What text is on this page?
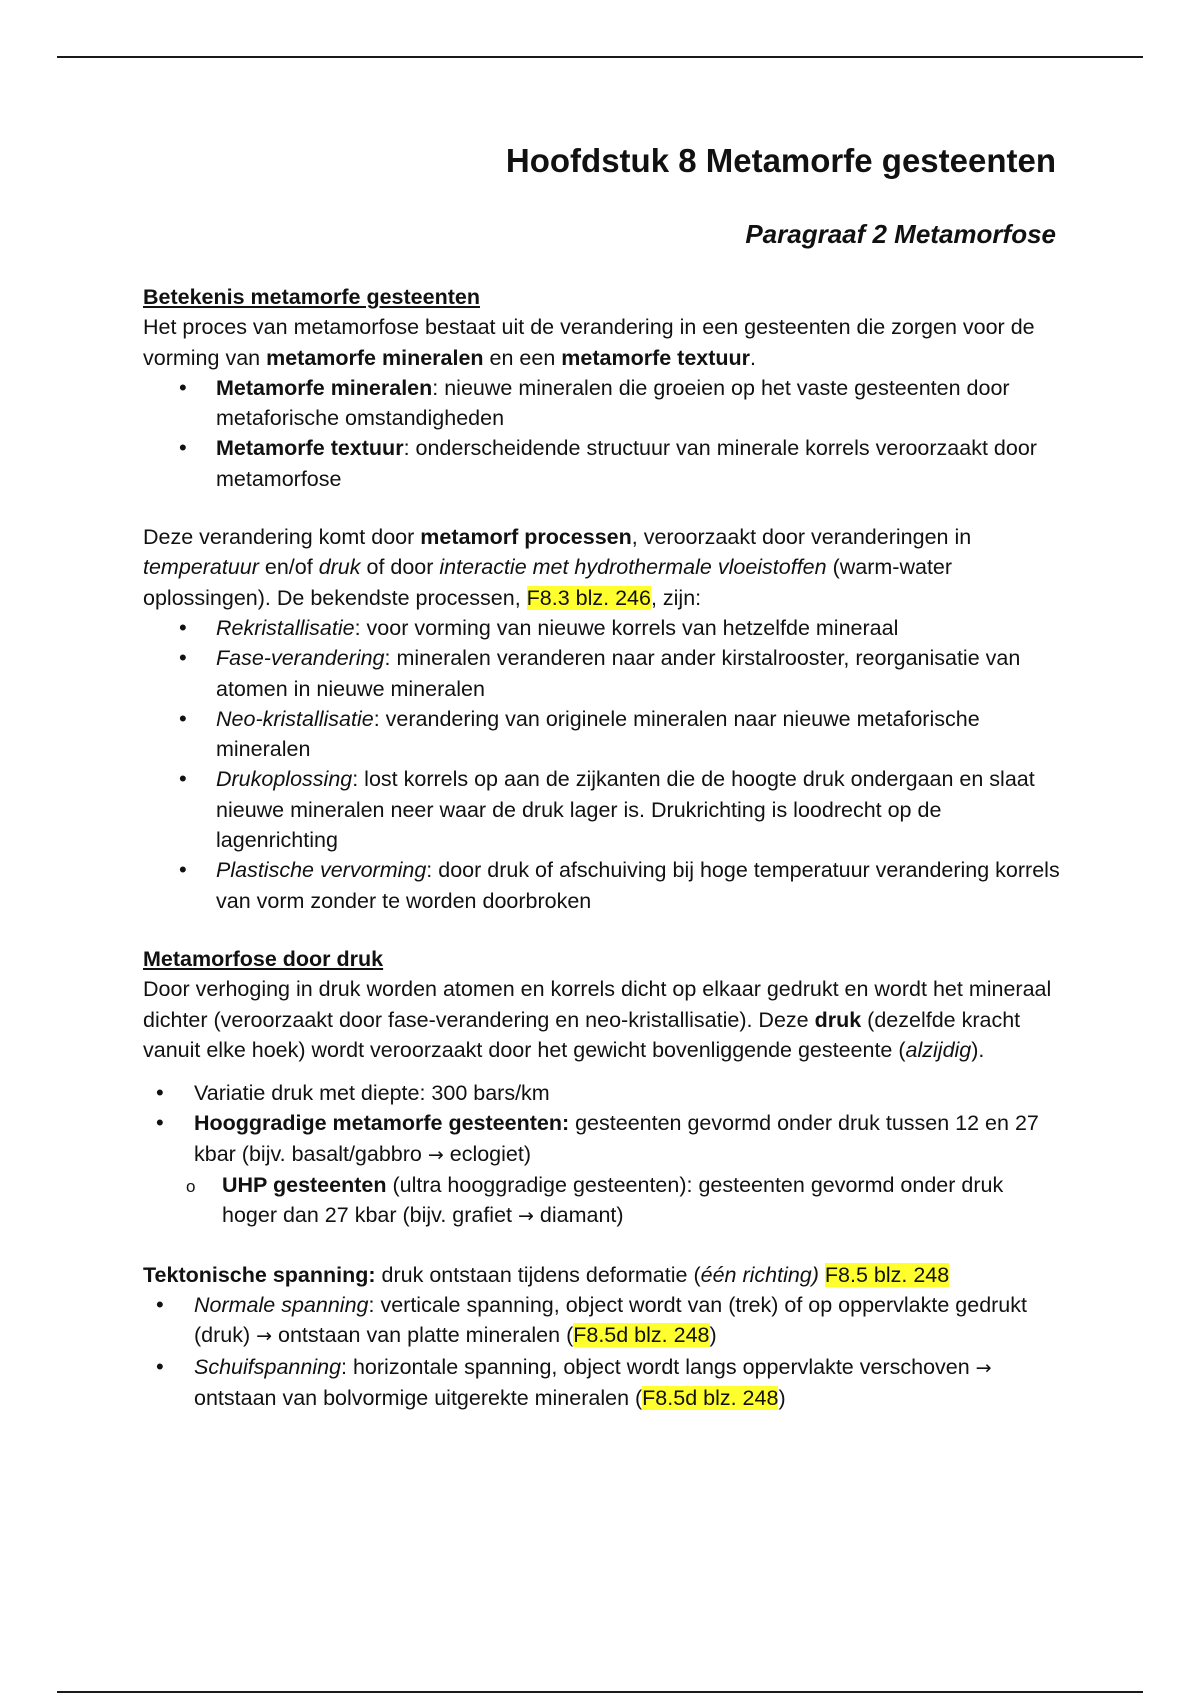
Hoofdstuk 8 Metamorfe gesteenten
Paragraaf 2 Metamorfose

Betekenis metamorfe gesteenten

Het proces van metamorfose bestaat uit de verandering in een gesteenten die zorgen voor de vorming van metamorfe mineralen en een metamorfe textuur.

• Metamorfe mineralen: nieuwe mineralen die groeien op het vaste gesteenten door metaforische omstandigheden
• Metamorfe textuur: onderscheidende structuur van minerale korrels veroorzaakt door metamorfose

Deze verandering komt door metamorf processen, veroorzaakt door veranderingen in temperatuur en/of druk of door interactie met hydrothermale vloeistoffen (warm-water oplossingen). De bekendste processen, F8.3 blz. 246, zijn:

• Rekristallisatie: voor vorming van nieuwe korrels van hetzelfde mineraal
• Fase-verandering: mineralen veranderen naar ander kirstalrooster, reorganisatie van atomen in nieuwe mineralen
• Neo-kristallisatie: verandering van originele mineralen naar nieuwe metaforische mineralen
• Drukoplossing: lost korrels op aan de zijkanten die de hoogte druk ondergaan en slaat nieuwe mineralen neer waar de druk lager is. Drukrichting is loodrecht op de lagenrichting
• Plastische vervorming: door druk of afschuiving bij hoge temperatuur verandering korrels van vorm zonder te worden doorbroken

Metamorfose door druk

Door verhoging in druk worden atomen en korrels dicht op elkaar gedrukt en wordt het mineraal dichter (veroorzaakt door fase-verandering en neo-kristallisatie). Deze druk (dezelfde kracht vanuit elke hoek) wordt veroorzaakt door het gewicht bovenliggende gesteente (alzijdig).

• Variatie druk met diepte: 300 bars/km
• Hooggradige metamorfe gesteenten: gesteenten gevormd onder druk tussen 12 en 27 kbar (bijv. basalt/gabbro → eclogiet)
o UHP gesteenten (ultra hooggradige gesteenten): gesteenten gevormd onder druk hoger dan 27 kbar (bijv. grafiet → diamant)

Tektonische spanning: druk ontstaan tijdens deformatie (één richting) F8.5 blz. 248

• Normale spanning: verticale spanning, object wordt van (trek) of op oppervlakte gedrukt (druk) → ontstaan van platte mineralen (F8.5d blz. 248)
• Schuifspanning: horizontale spanning, object wordt langs oppervlakte verschoven → ontstaan van bolvormige uitgerekte mineralen (F8.5d blz. 248)
